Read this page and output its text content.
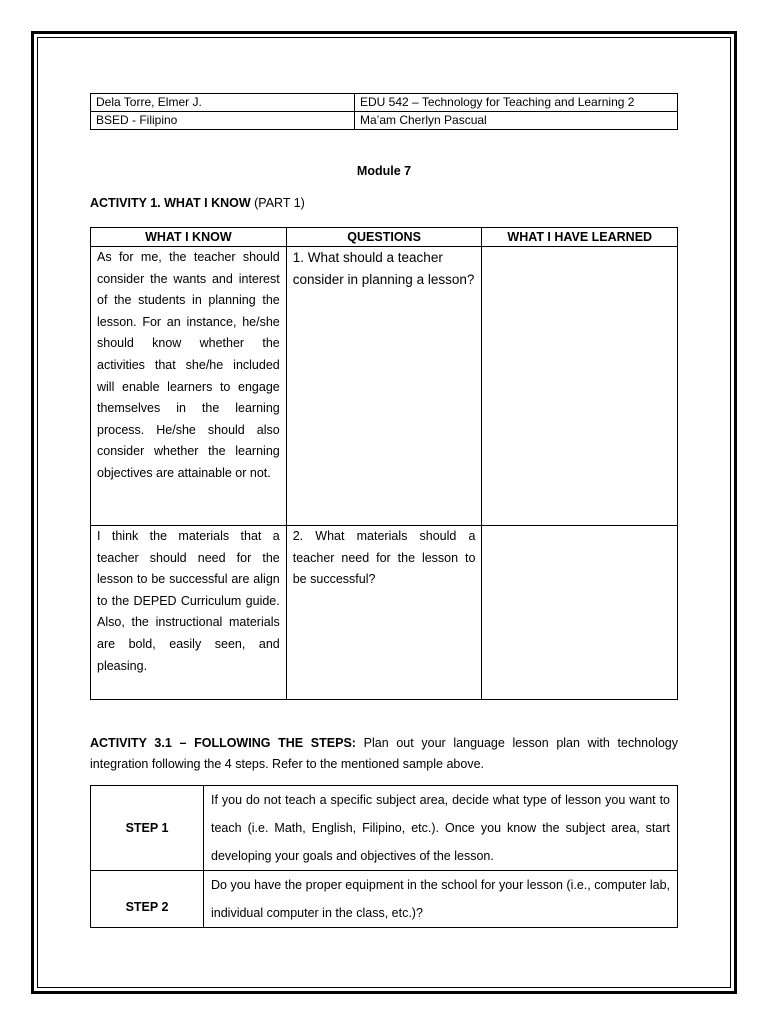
Dela Torre, Elmer J.	EDU 542 – Technology for Teaching and Learning 2
BSED - Filipino	Ma’am Cherlyn Pascual
Module 7
ACTIVITY 1. WHAT I KNOW (PART 1)
WHAT I KNOW	QUESTIONS	WHAT I HAVE LEARNED
As for me, the teacher should consider the wants and interest of the students in planning the lesson. For an instance, he/she should know whether the activities that she/he included will enable learners to engage themselves in the learning process. He/she should also consider whether the learning objectives are attainable or not.	1. What should a teacher consider in planning a lesson?	

I think the materials that a teacher should need for the lesson to be successful are align to the DEPED Curriculum guide. Also, the instructional materials are bold, easily seen, and pleasing.	2. What materials should a teacher need for the lesson to be successful?	

ACTIVITY 3.1 – FOLLOWING THE STEPS: Plan out your language lesson plan with technology integration following the 4 steps. Refer to the mentioned sample above.
STEP 1	If you do not teach a specific subject area, decide what type of lesson you want to teach (i.e. Math, English, Filipino, etc.). Once you know the subject area, start developing your goals and objectives of the lesson.
STEP 2	Do you have the proper equipment in the school for your lesson (i.e., computer lab, individual computer in the class, etc.)?
